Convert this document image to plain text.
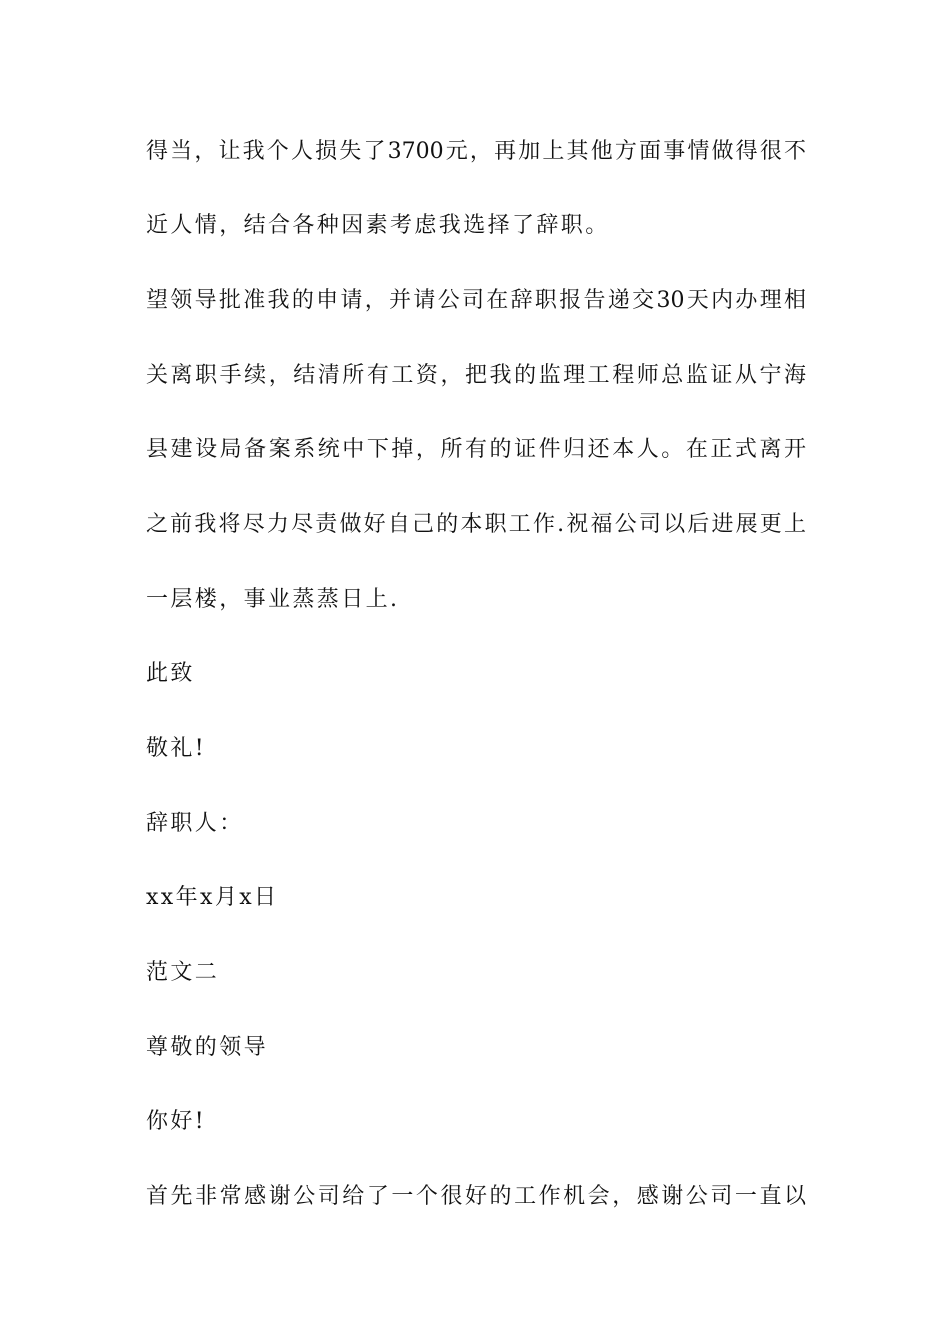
得当，让我个人损失了3700元，再加上其他方面事情做得很不
近人情，结合各种因素考虑我选择了辞职。
望领导批准我的申请，并请公司在辞职报告递交30天内办理相
关离职手续，结清所有工资，把我的监理工程师总监证从宁海
县建设局备案系统中下掉，所有的证件归还本人。在正式离开
之前我将尽力尽责做好自己的本职工作.祝福公司以后进展更上
一层楼，事业蒸蒸日上.
此致
敬礼!
辞职人：
xx年x月x日
范文二
尊敬的领导
你好!
首先非常感谢公司给了一个很好的工作机会，感谢公司一直以
